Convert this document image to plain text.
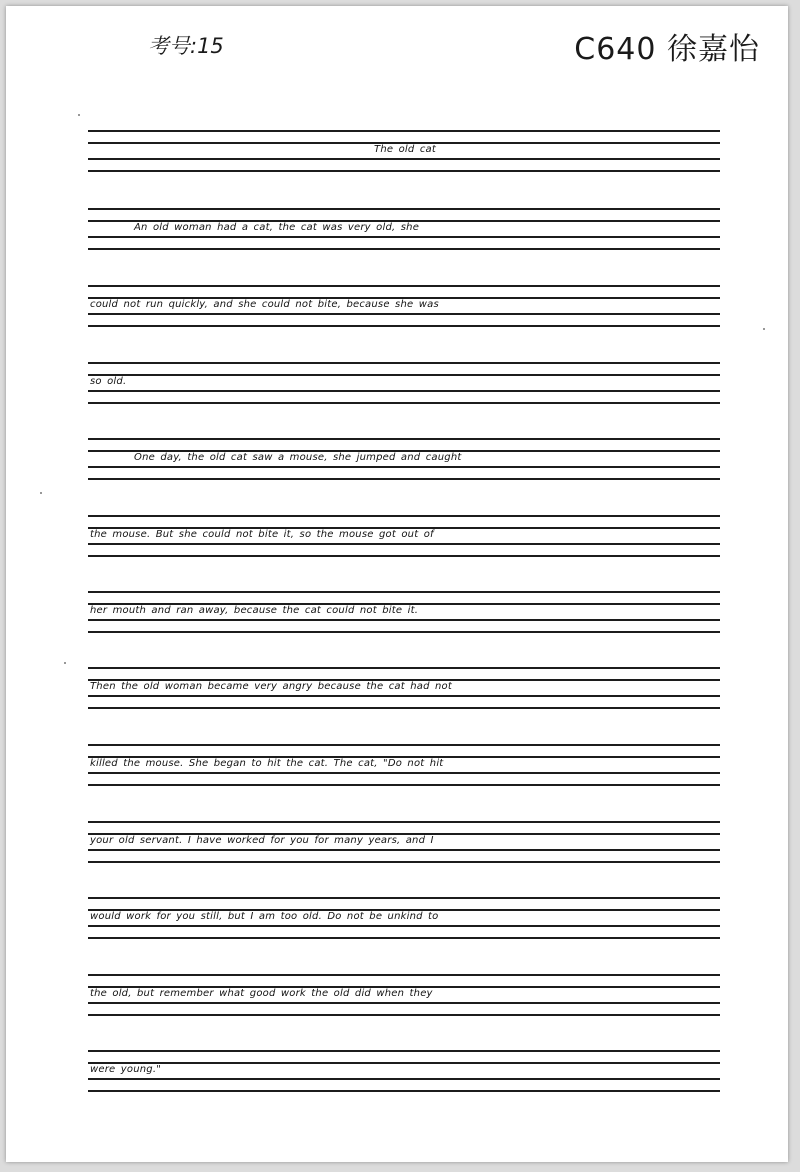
考号:15	C640 徐嘉怡
The old cat
An old woman had a cat, the cat was very old, she
could not run quickly, and she could not bite, because she was
so old.
One day, the old cat saw a mouse, she jumped and caught
the mouse. But she could not bite it, so the mouse got out of
her mouth and ran away, because the cat could not bite it.
Then the old woman became very angry because the cat had not
killed the mouse. She began to hit the cat. The cat, "Do not hit
your old servant. I have worked for you for many years, and I
would work for you still, but I am too old. Do not be unkind to
the old, but remember what good work the old did when they
were young."
